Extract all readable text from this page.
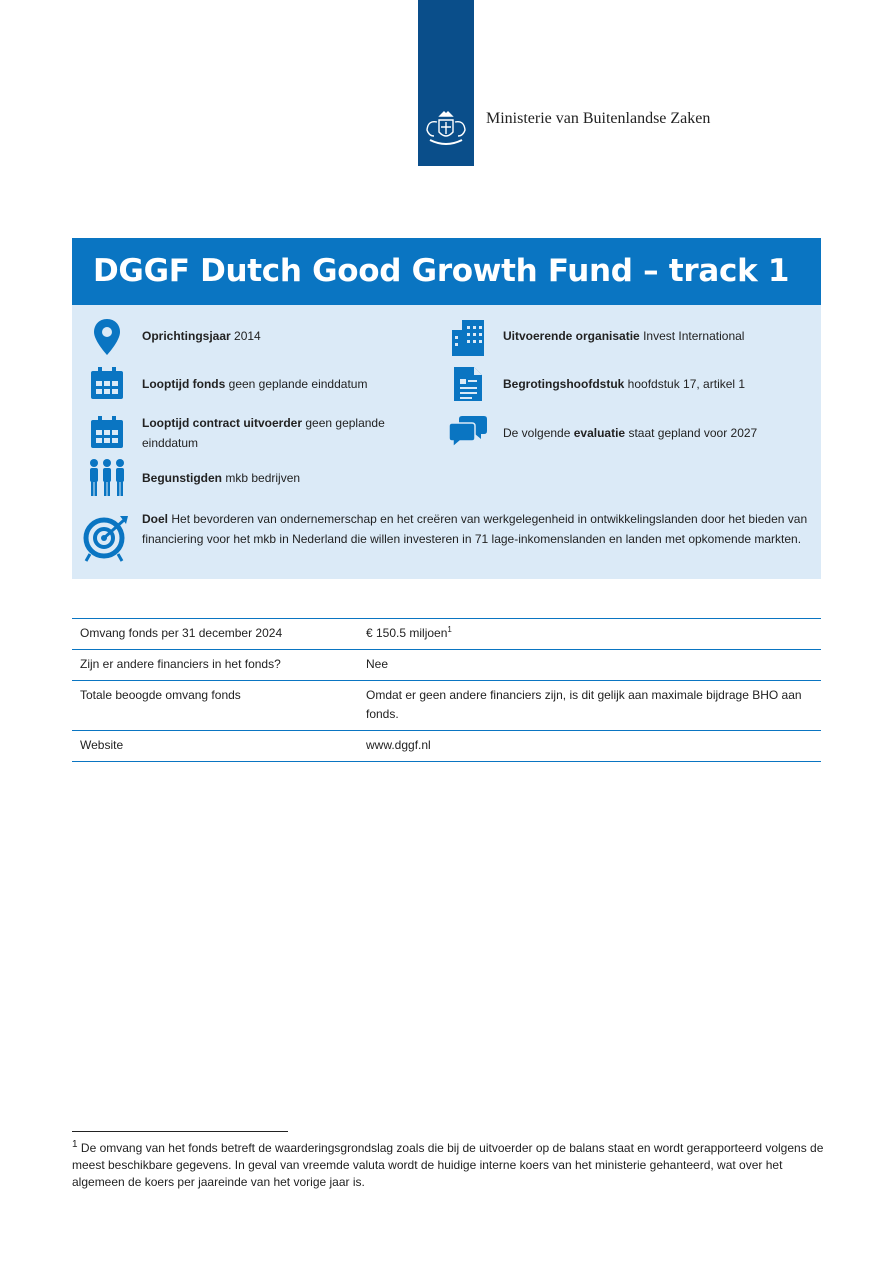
Ministerie van Buitenlandse Zaken
DGGF Dutch Good Growth Fund – track 1
Oprichtingsjaar 2014
Looptijd fonds geen geplande einddatum
Looptijd contract uitvoerder geen geplande einddatum
Begunstigden mkb bedrijven
Uitvoerende organisatie Invest International
Begrotingshoofdstuk hoofdstuk 17, artikel 1
De volgende evaluatie staat gepland voor 2027
Doel Het bevorderen van ondernemerschap en het creëren van werkgelegenheid in ontwikkelingslanden door het bieden van financiering voor het mkb in Nederland die willen investeren in 71 lage-inkomenslanden en landen met opkomende markten.
Omvang fonds per 31 december 2024	€ 150.5 miljoen$^1$
Zijn er andere financiers in het fonds?	Nee
Totale beoogde omvang fonds	Omdat er geen andere financiers zijn, is dit gelijk aan maximale bijdrage BHO aan fonds.
Website	www.dggf.nl
$^1$ De omvang van het fonds betreft de waarderingsgrondslag zoals die bij de uitvoerder op de balans staat en wordt gerapporteerd volgens de meest beschikbare gegevens. In geval van vreemde valuta wordt de huidige interne koers van het ministerie gehanteerd, wat over het algemeen de koers per jaareinde van het vorige jaar is.
